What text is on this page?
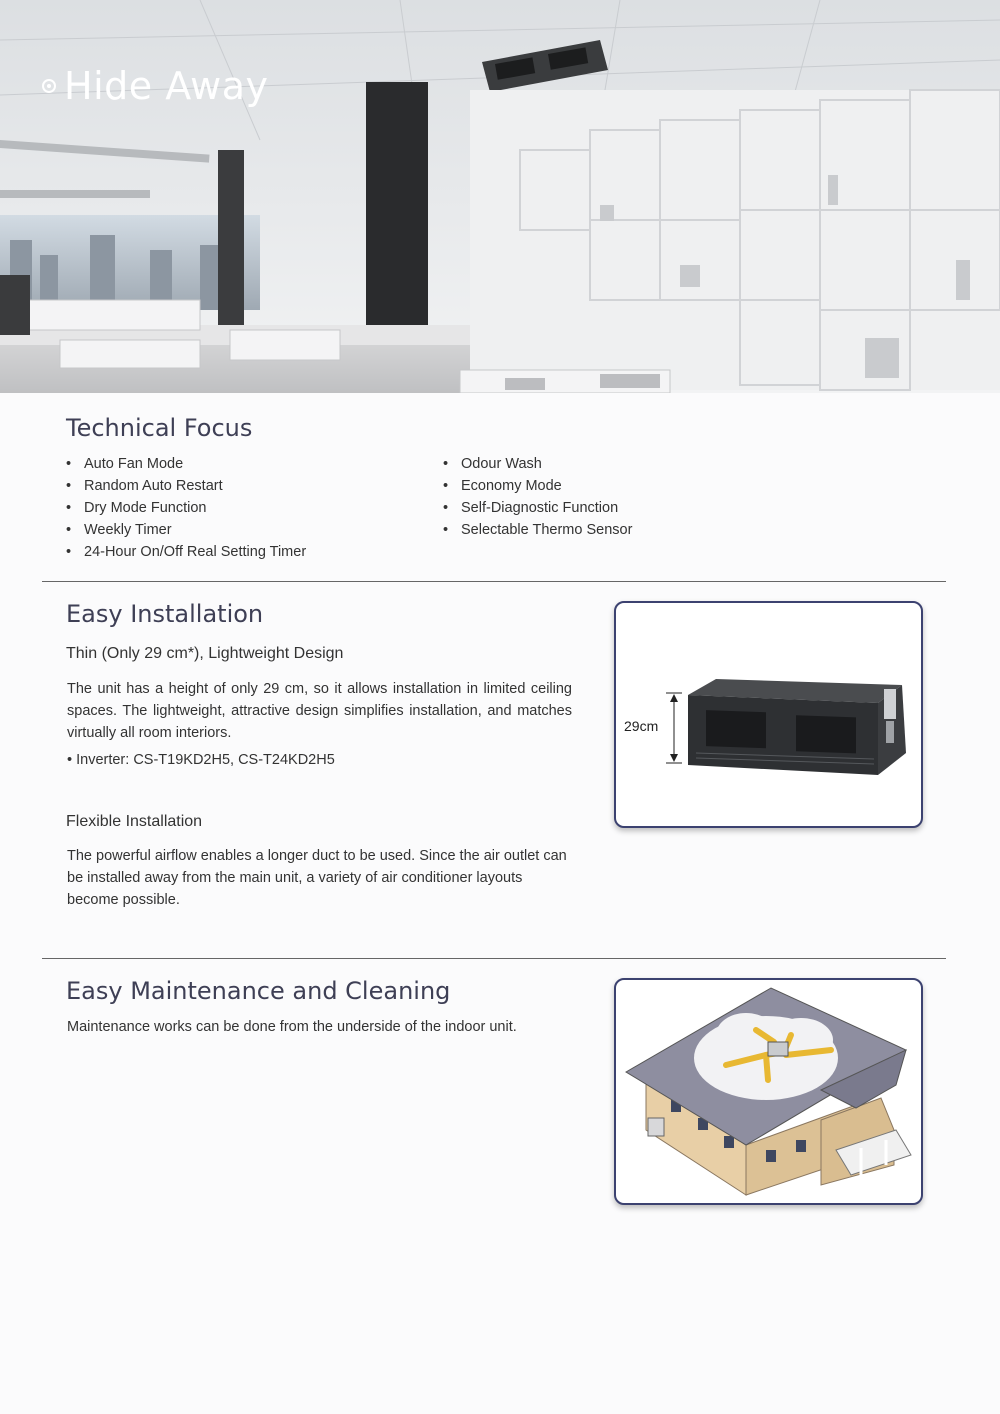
Hide Away
Technical Focus
• Auto Fan Mode
• Random Auto Restart
• Dry Mode Function
• Weekly Timer
• 24-Hour On/Off Real Setting Timer
• Odour Wash
• Economy Mode
• Self-Diagnostic Function
• Selectable Thermo Sensor
Easy Installation
Thin (Only 29 cm*), Lightweight Design
The unit has a height of only 29 cm, so it allows installation in limited ceiling spaces. The lightweight, attractive design simplifies installation, and matches virtually all room interiors.
• Inverter: CS-T19KD2H5, CS-T24KD2H5
Flexible Installation
The powerful airflow enables a longer duct to be used. Since the air outlet can be installed away from the main unit, a variety of air conditioner layouts become possible.
29cm
Easy Maintenance and Cleaning
Maintenance works can be done from the underside of the indoor unit.
